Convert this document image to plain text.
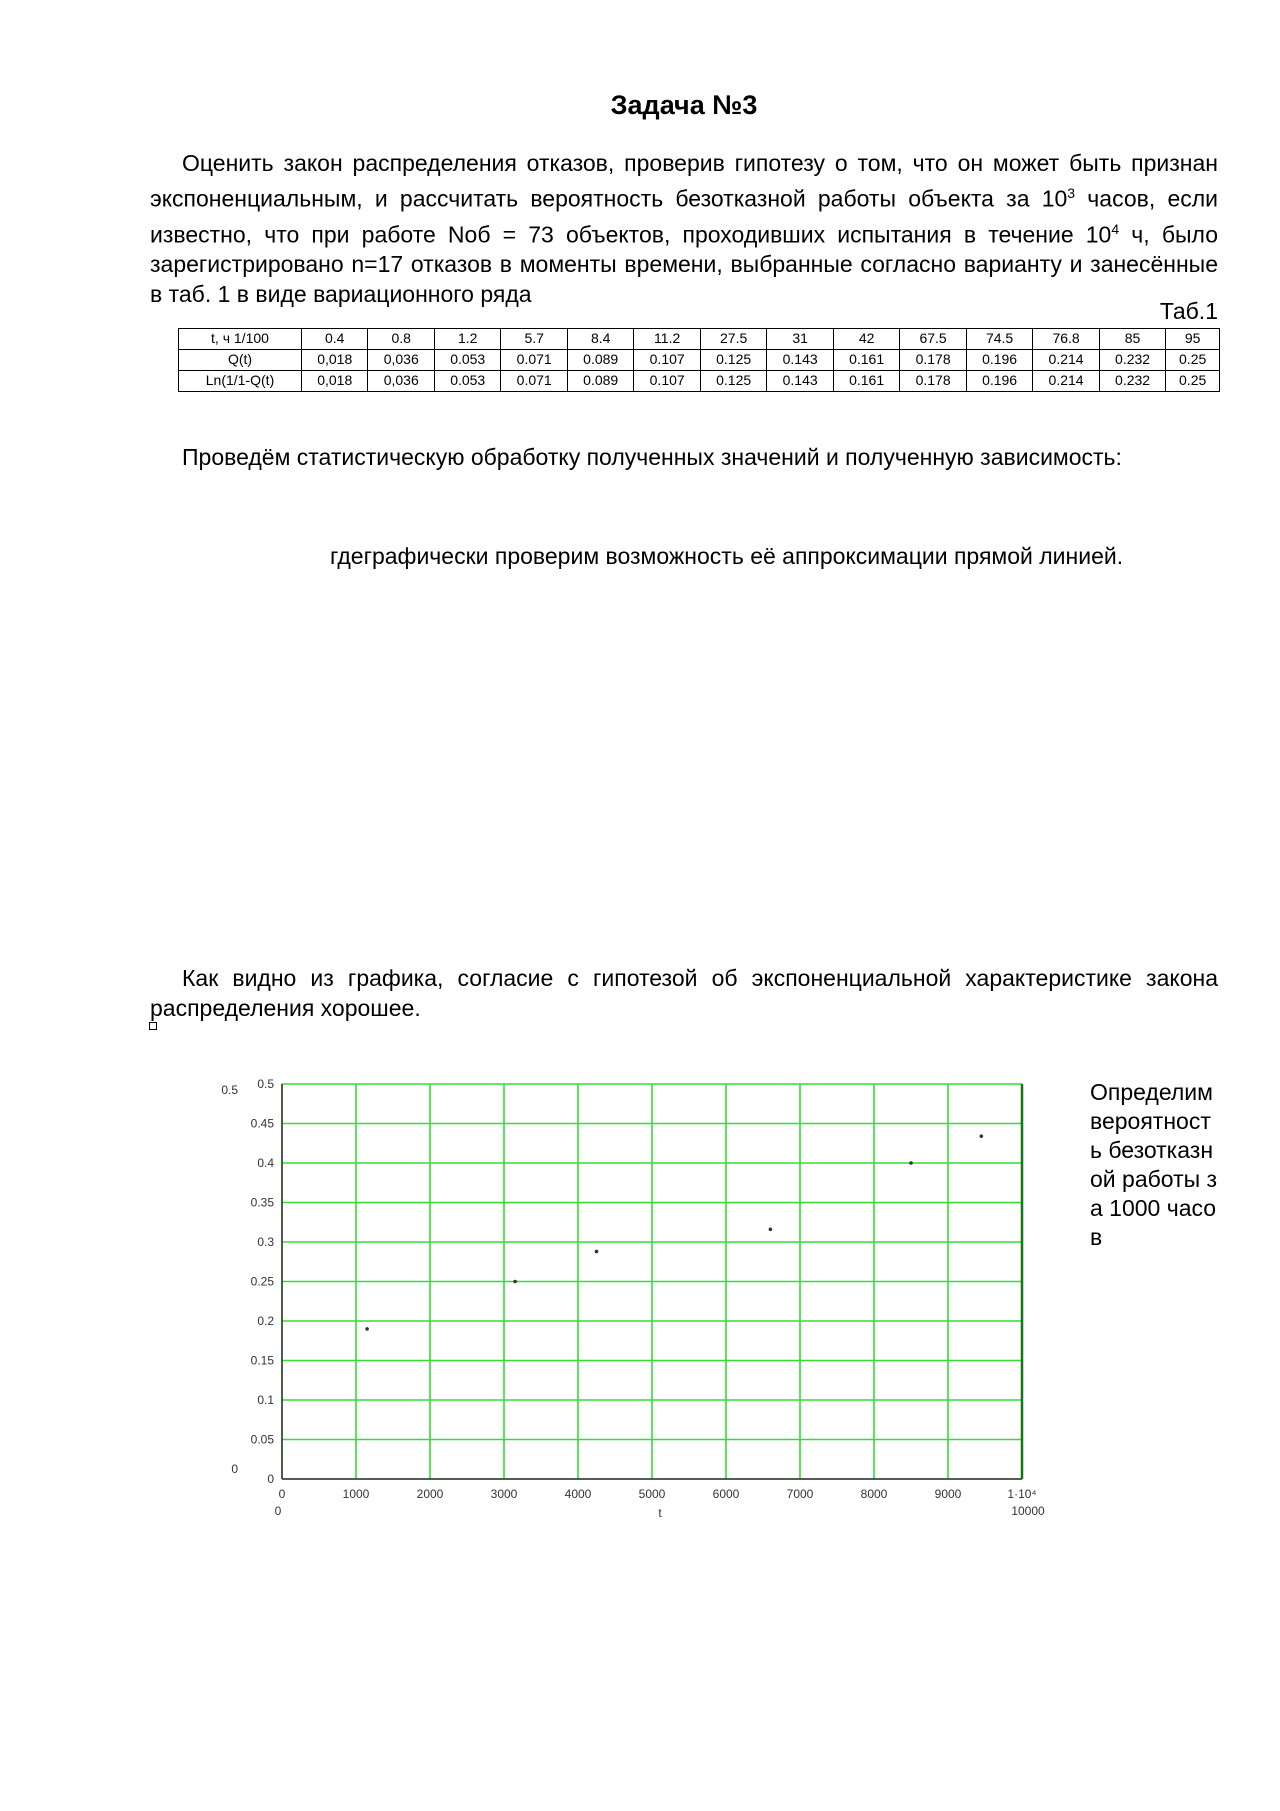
Задача №3
Оценить закон распределения отказов, проверив гипотезу о том, что он может быть признан экспоненциальным, и рассчитать вероятность безотказной работы объекта за $10^3$ часов, если известно, что при работе Nоб = 73 объектов, проходивших испытания в течение $10^4$ ч, было зарегистрировано n=17 отказов в моменты времени, выбранные согласно варианту и занесённые в таб. 1 в виде вариационного ряда
Таб.1
t, ч 1/100	0.4	0.8	1.2	5.7	8.4	11.2	27.5	31	42	67.5	74.5	76.8	85	95
Q(t)	0,018	0,036	0.053	0.071	0.089	0.107	0.125	0.143	0.161	0.178	0.196	0.214	0.232	0.25
Ln(1/1-Q(t)	0,018	0,036	0.053	0.071	0.089	0.107	0.125	0.143	0.161	0.178	0.196	0.214	0.232	0.25
Проведём статистическую обработку полученных значений и полученную зависимость:
гдеграфически проверим возможность её аппроксимации прямой линией.
Как видно из графика, согласие с гипотезой об экспоненциальной характеристике закона распределения хорошее.
0	1000	2000	3000	4000	5000	6000	7000	8000	9000	1·10⁴
0
0.05
0.1
0.15
0.2
0.25
0.3
0.35
0.4
0.45
0.5
0	10000
0
0.5
t
Определим вероятность безотказной работы за 1000 часов
